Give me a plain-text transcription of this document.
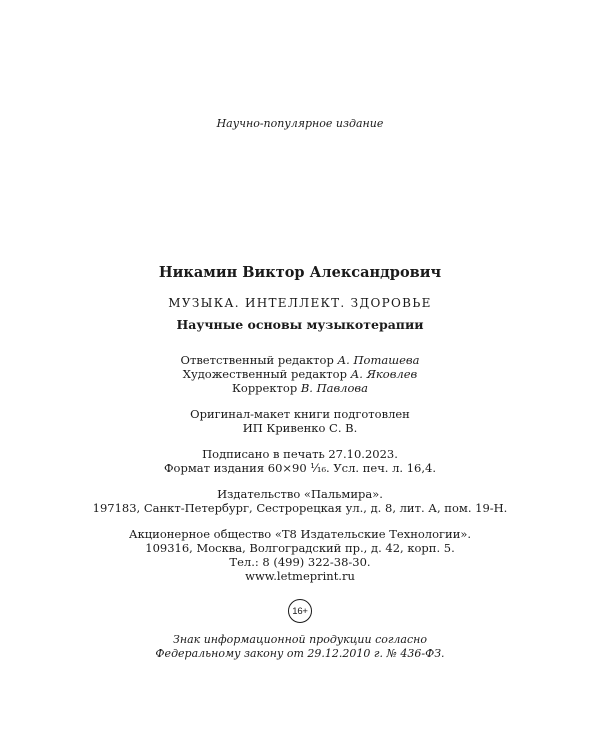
Научно-популярное издание
Никамин Виктор Александрович
МУЗЫКА. ИНТЕЛЛЕКТ. ЗДОРОВЬЕ
Научные основы музыкотерапии
Ответственный редактор А. Поташева
Художественный редактор А. Яковлев
Корректор В. Павлова
Оригинал-макет книги подготовлен
ИП Кривенко С. В.
Подписано в печать 27.10.2023.
Формат издания 60×90 ¹⁄₁₆. Усл. печ. л. 16,4.
Издательство «Пальмира».
197183, Санкт-Петербург, Сестрорецкая ул., д. 8, лит. А, пом. 19-Н.
Акционерное общество «Т8 Издательские Технологии».
109316, Москва, Волгоградский пр., д. 42, корп. 5.
Тел.: 8 (499) 322-38-30.
www.letmeprint.ru
16+
Знак информационной продукции согласно
Федеральному закону от 29.12.2010 г. № 436-ФЗ.
